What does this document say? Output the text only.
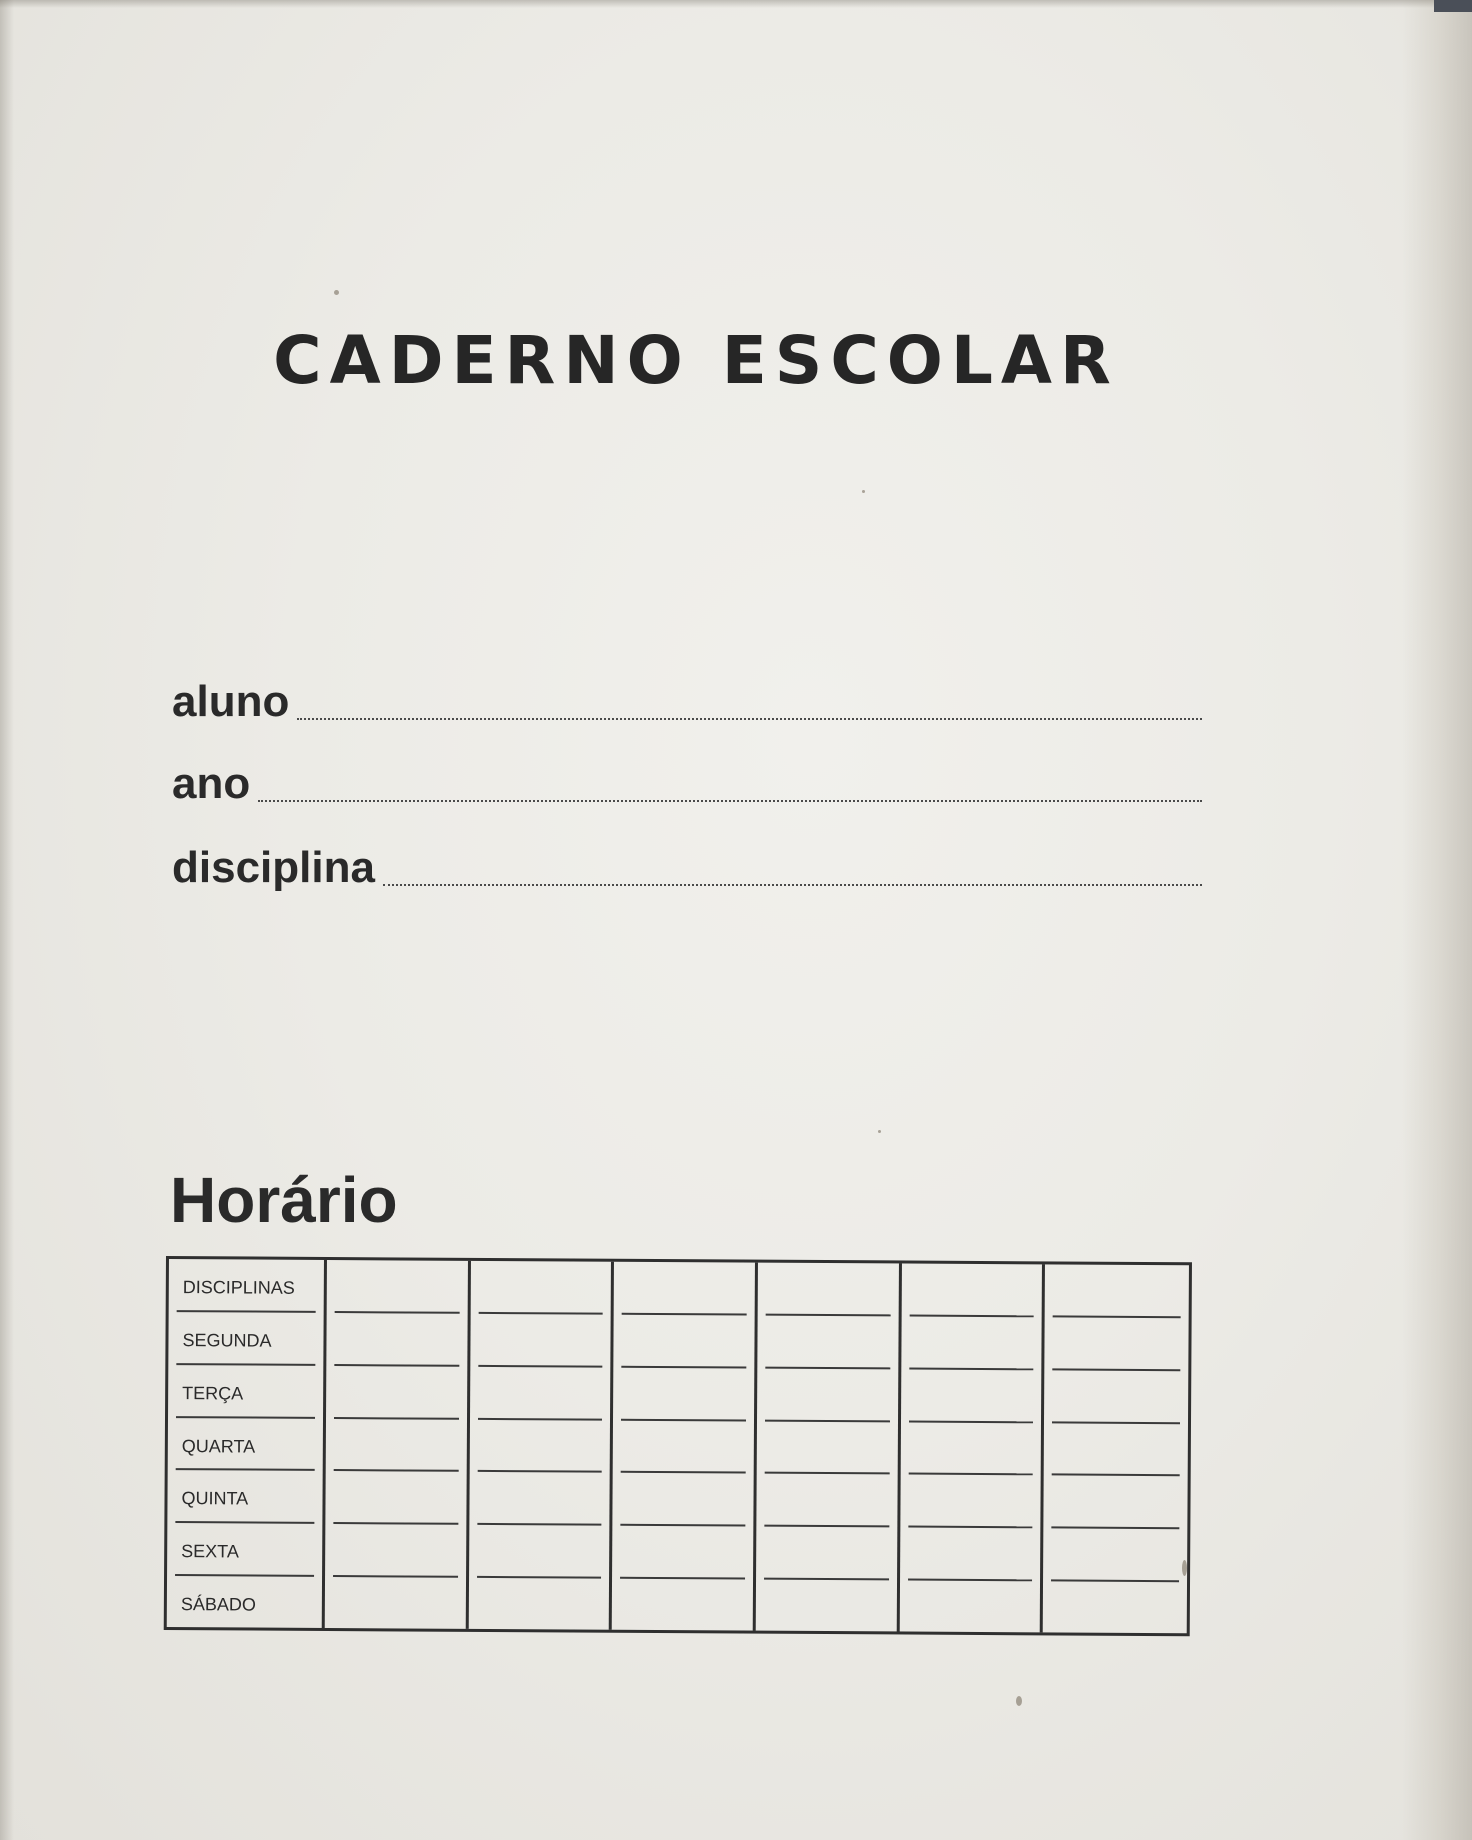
CADERNO ESCOLAR
aluno
ano
disciplina
Horário
DISCIPLINAS
SEGUNDA
TERÇA
QUARTA
QUINTA
SEXTA
SÁBADO
